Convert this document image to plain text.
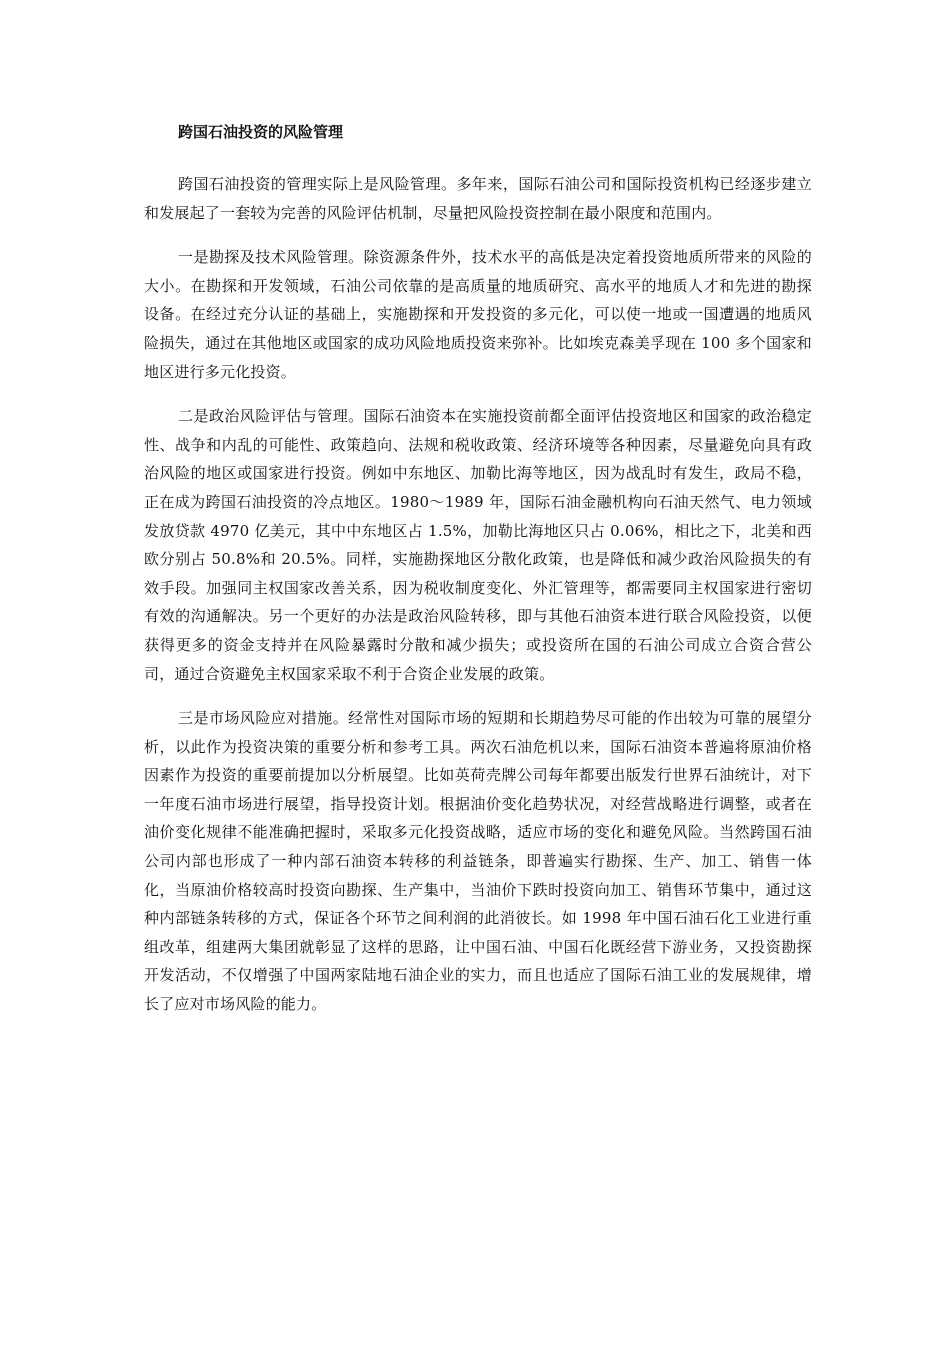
跨国石油投资的风险管理

跨国石油投资的管理实际上是风险管理。多年来，国际石油公司和国际投资机构已经逐步建立和发展起了一套较为完善的风险评估机制，尽量把风险投资控制在最小限度和范围内。

一是勘探及技术风险管理。除资源条件外，技术水平的高低是决定着投资地质所带来的风险的大小。在勘探和开发领域，石油公司依靠的是高质量的地质研究、高水平的地质人才和先进的勘探设备。在经过充分认证的基础上，实施勘探和开发投资的多元化，可以使一地或一国遭遇的地质风险损失，通过在其他地区或国家的成功风险地质投资来弥补。比如埃克森美孚现在 100 多个国家和地区进行多元化投资。

二是政治风险评估与管理。国际石油资本在实施投资前都全面评估投资地区和国家的政治稳定性、战争和内乱的可能性、政策趋向、法规和税收政策、经济环境等各种因素，尽量避免向具有政治风险的地区或国家进行投资。例如中东地区、加勒比海等地区，因为战乱时有发生，政局不稳，正在成为跨国石油投资的冷点地区。1980～1989 年，国际石油金融机构向石油天然气、电力领域发放贷款 4970 亿美元，其中中东地区占 1.5%，加勒比海地区只占 0.06%，相比之下，北美和西欧分别占 50.8%和 20.5%。同样，实施勘探地区分散化政策，也是降低和减少政治风险损失的有效手段。加强同主权国家改善关系，因为税收制度变化、外汇管理等，都需要同主权国家进行密切有效的沟通解决。另一个更好的办法是政治风险转移，即与其他石油资本进行联合风险投资，以便获得更多的资金支持并在风险暴露时分散和减少损失；或投资所在国的石油公司成立合资合营公司，通过合资避免主权国家采取不利于合资企业发展的政策。

三是市场风险应对措施。经常性对国际市场的短期和长期趋势尽可能的作出较为可靠的展望分析，以此作为投资决策的重要分析和参考工具。两次石油危机以来，国际石油资本普遍将原油价格因素作为投资的重要前提加以分析展望。比如英荷壳牌公司每年都要出版发行世界石油统计，对下一年度石油市场进行展望，指导投资计划。根据油价变化趋势状况，对经营战略进行调整，或者在油价变化规律不能准确把握时，采取多元化投资战略，适应市场的变化和避免风险。当然跨国石油公司内部也形成了一种内部石油资本转移的利益链条，即普遍实行勘探、生产、加工、销售一体化，当原油价格较高时投资向勘探、生产集中，当油价下跌时投资向加工、销售环节集中，通过这种内部链条转移的方式，保证各个环节之间利润的此消彼长。如 1998 年中国石油石化工业进行重组改革，组建两大集团就彰显了这样的思路，让中国石油、中国石化既经营下游业务，又投资勘探开发活动，不仅增强了中国两家陆地石油企业的实力，而且也适应了国际石油工业的发展规律，增长了应对市场风险的能力。
